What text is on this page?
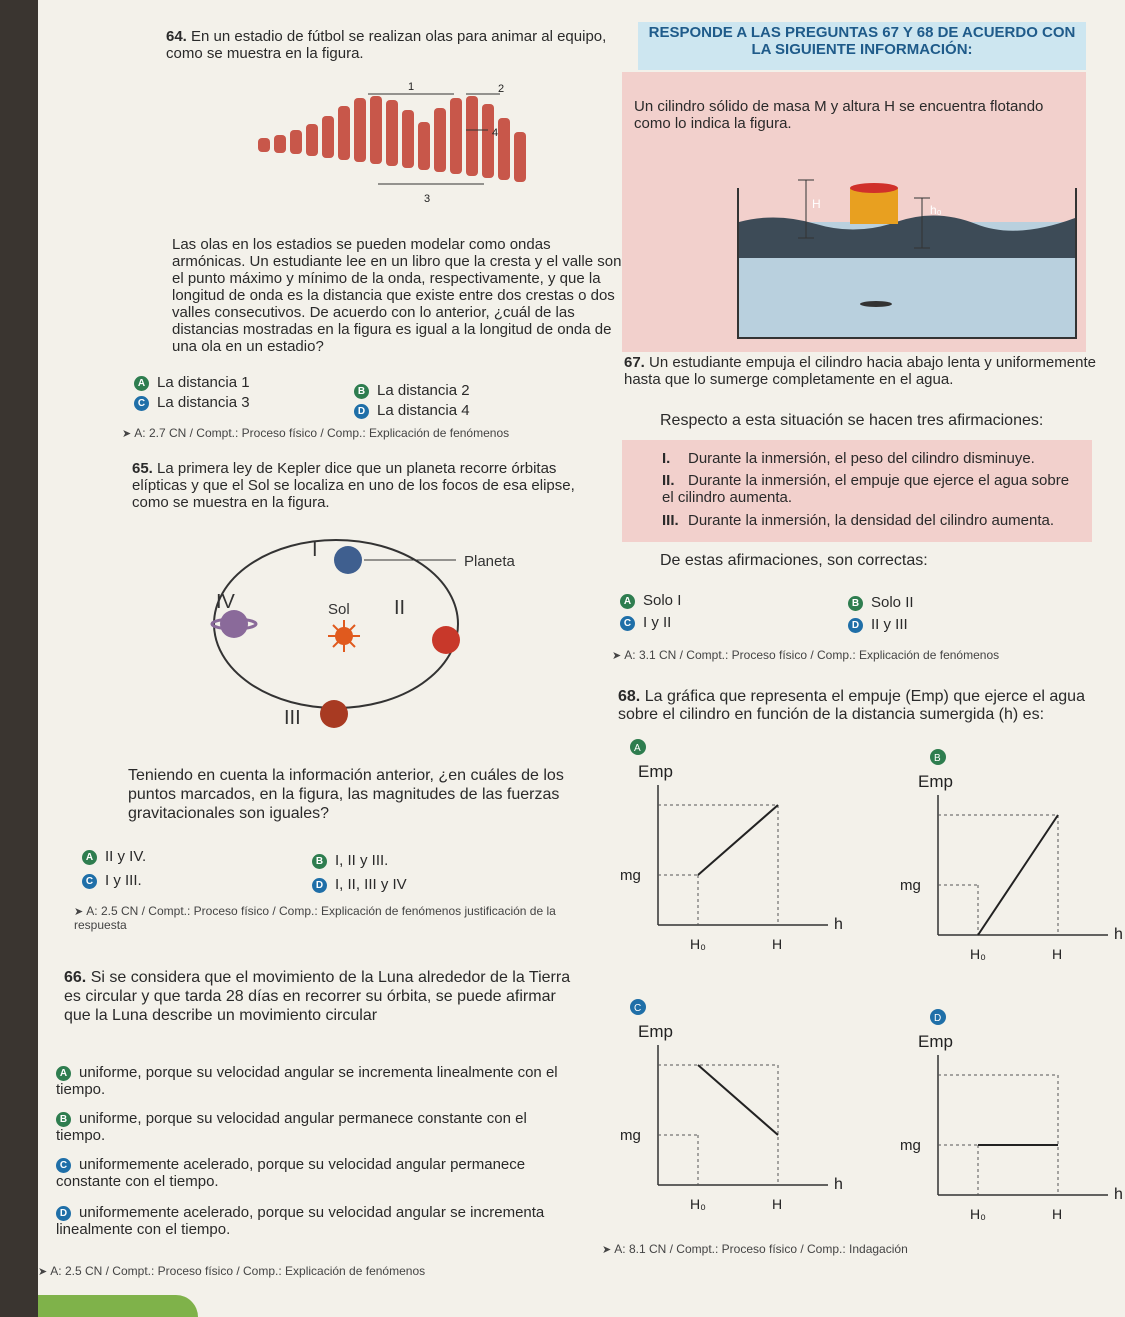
64. En un estadio de fútbol se realizan olas para animar al equipo, como se muestra en la figura.
1	2
3
4
Las olas en los estadios se pueden modelar como ondas armónicas. Un estudiante lee en un libro que la cresta y el valle son el punto máximo y mínimo de la onda, respectivamente, y que la longitud de onda es la distancia que existe entre dos crestas o dos valles consecutivos. De acuerdo con lo anterior, ¿cuál de las distancias mostradas en la figura es igual a la longitud de onda de una ola en un estadio?
A La distancia 1
B La distancia 2
C La distancia 3
D La distancia 4
➤ A: 2.7 CN / Compt.: Proceso físico / Comp.: Explicación de fenómenos
65. La primera ley de Kepler dice que un planeta recorre órbitas elípticas y que el Sol se localiza en uno de los focos de esa elipse, como se muestra en la figura.
I
Planeta
IV	II
Sol
III
Teniendo en cuenta la información anterior, ¿en cuáles de los puntos marcados, en la figura, las magnitudes de las fuerzas gravitacionales son iguales?
A II y IV.	B I, II y III.
C I y III.	D I, II, III y IV
➤ A: 2.5 CN / Compt.: Proceso físico / Comp.: Explicación de fenómenos justificación de la respuesta
66. Si se considera que el movimiento de la Luna alrededor de la Tierra es circular y que tarda 28 días en recorrer su órbita, se puede afirmar que la Luna describe un movimiento circular
A uniforme, porque su velocidad angular se incrementa linealmente con el tiempo.
B uniforme, porque su velocidad angular permanece constante con el tiempo.
C uniformemente acelerado, porque su velocidad angular permanece constante con el tiempo.
D uniformemente acelerado, porque su velocidad angular se incrementa linealmente con el tiempo.
➤ A: 2.5 CN / Compt.: Proceso físico / Comp.: Explicación de fenómenos
RESPONDE A LAS PREGUNTAS 67 Y 68 DE ACUERDO CON LA SIGUIENTE INFORMACIÓN:
Un cilindro sólido de masa M y altura H se encuentra flotando como lo indica la figura.
H	h₀
67. Un estudiante empuja el cilindro hacia abajo lenta y uniformemente hasta que lo sumerge completamente en el agua.
Respecto a esta situación se hacen tres afirmaciones:
I. Durante la inmersión, el peso del cilindro disminuye.
II. Durante la inmersión, el empuje que ejerce el agua sobre el cilindro aumenta.
III. Durante la inmersión, la densidad del cilindro aumenta.
De estas afirmaciones, son correctas:
A Solo I	B Solo II
C I y II	D II y III
➤ A: 3.1 CN / Compt.: Proceso físico / Comp.: Explicación de fenómenos
68. La gráfica que representa el empuje (Emp) que ejerce el agua sobre el cilindro en función de la distancia sumergida (h) es:
A
Emp
h
H₀	H
mg
B
Emp
h
H₀	H
mg
C
Emp
h
H₀	H
mg
D
Emp
h
H₀	H
mg
➤ A: 8.1 CN / Compt.: Proceso físico / Comp.: Indagación
